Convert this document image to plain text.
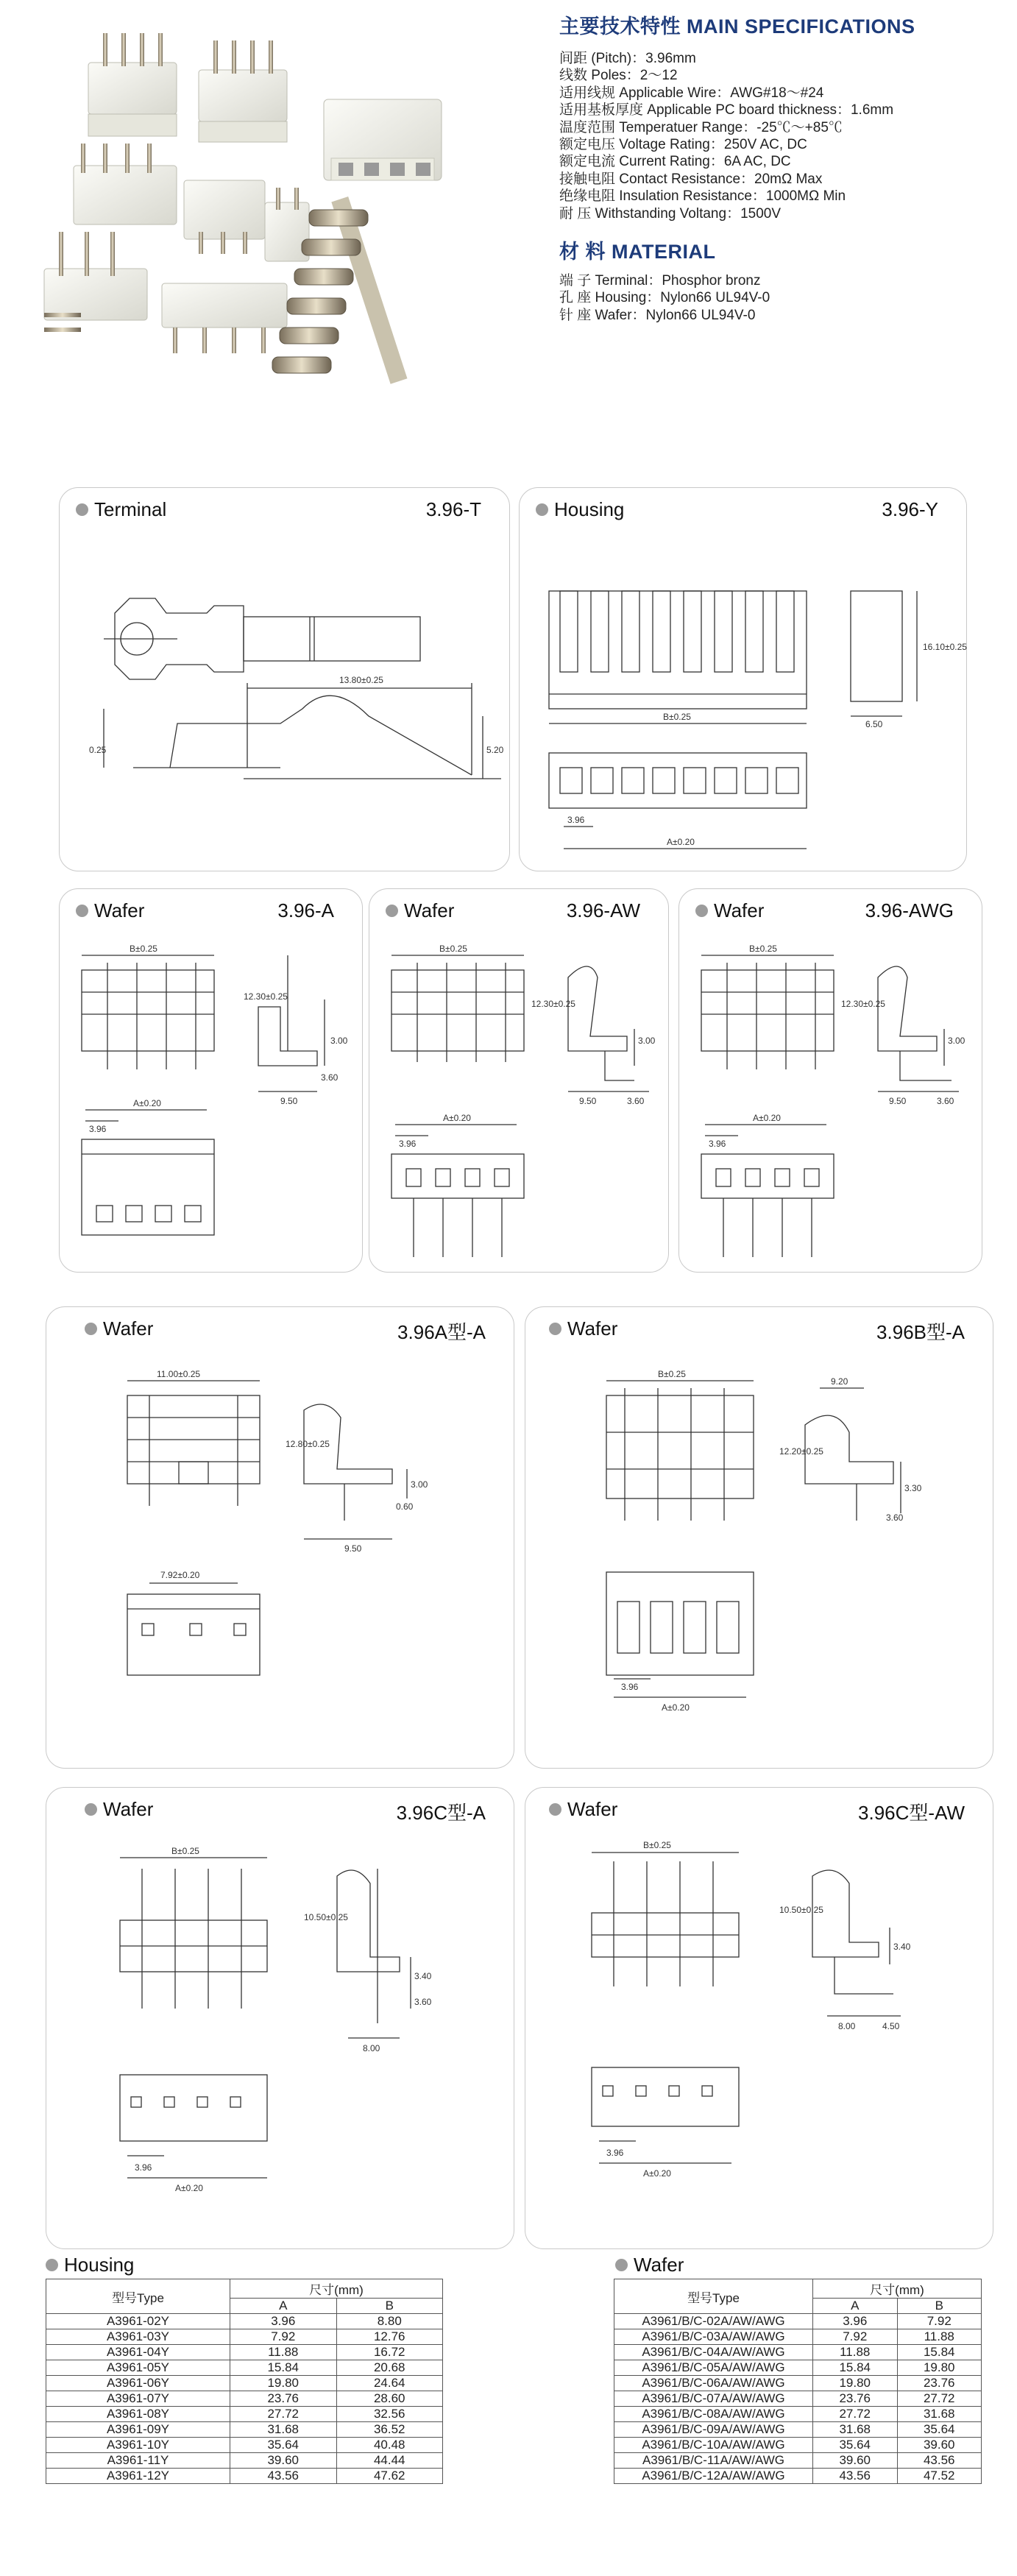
主要技术特性 MAIN SPECIFICATIONS
间距 (Pitch)：3.96mm
线数 Poles：2～12
适用线规 Applicable Wire：AWG#18～#24
适用基板厚度 Applicable PC board thickness：1.6mm
温度范围 Temperatuer Range：-25℃～+85℃
额定电压 Voltage Rating：250V AC, DC
额定电流 Current Rating：6A AC, DC
接触电阻 Contact Resistance：20mΩ Max
绝缘电阻 Insulation Resistance：1000MΩ Min
耐 压 Withstanding Voltang：1500V
材 料 MATERIAL
端 子 Terminal：Phosphor bronz
孔 座 Housing：Nylon66 UL94V-0
针 座 Wafer：Nylon66 UL94V-0
Terminal	3.96-T
13.80±0.25
5.20
0.25
Housing	3.96-Y
B±0.25
A±0.20
3.96
16.10±0.25
6.50
Wafer	3.96-A
B±0.25
A±0.20
3.96
12.30±0.25
3.60
3.00
9.50
Wafer	3.96-AW
B±0.25
A±0.20
3.96
12.30±0.25
3.00
9.50	3.60
Wafer	3.96-AWG
B±0.25
A±0.20
3.96
12.30±0.25
3.00
9.50	3.60
Wafer	3.96A型-A
11.00±0.25
7.92±0.20
12.80±0.25
3.00
0.60
9.50
Wafer	3.96B型-A
B±0.25
A±0.20
3.96
12.20±0.25
9.20
3.30
3.60
Wafer	3.96C型-A
B±0.25
A±0.20
3.96
10.50±0.25
3.40
3.60
8.00
Wafer	3.96C型-AW
B±0.25
A±0.20
3.96
10.50±0.25
3.40
8.00	4.50
Housing
型号Type	尺寸(mm)	
	A	B
A3961-02Y	3.96	8.80
A3961-03Y	7.92	12.76
A3961-04Y	11.88	16.72
A3961-05Y	15.84	20.68
A3961-06Y	19.80	24.64
A3961-07Y	23.76	28.60
A3961-08Y	27.72	32.56
A3961-09Y	31.68	36.52
A3961-10Y	35.64	40.48
A3961-11Y	39.60	44.44
A3961-12Y	43.56	47.62
Wafer
型号Type	尺寸(mm)	
	A	B
A3961/B/C-02A/AW/AWG	3.96	7.92
A3961/B/C-03A/AW/AWG	7.92	11.88
A3961/B/C-04A/AW/AWG	11.88	15.84
A3961/B/C-05A/AW/AWG	15.84	19.80
A3961/B/C-06A/AW/AWG	19.80	23.76
A3961/B/C-07A/AW/AWG	23.76	27.72
A3961/B/C-08A/AW/AWG	27.72	31.68
A3961/B/C-09A/AW/AWG	31.68	35.64
A3961/B/C-10A/AW/AWG	35.64	39.60
A3961/B/C-11A/AW/AWG	39.60	43.56
A3961/B/C-12A/AW/AWG	43.56	47.52
